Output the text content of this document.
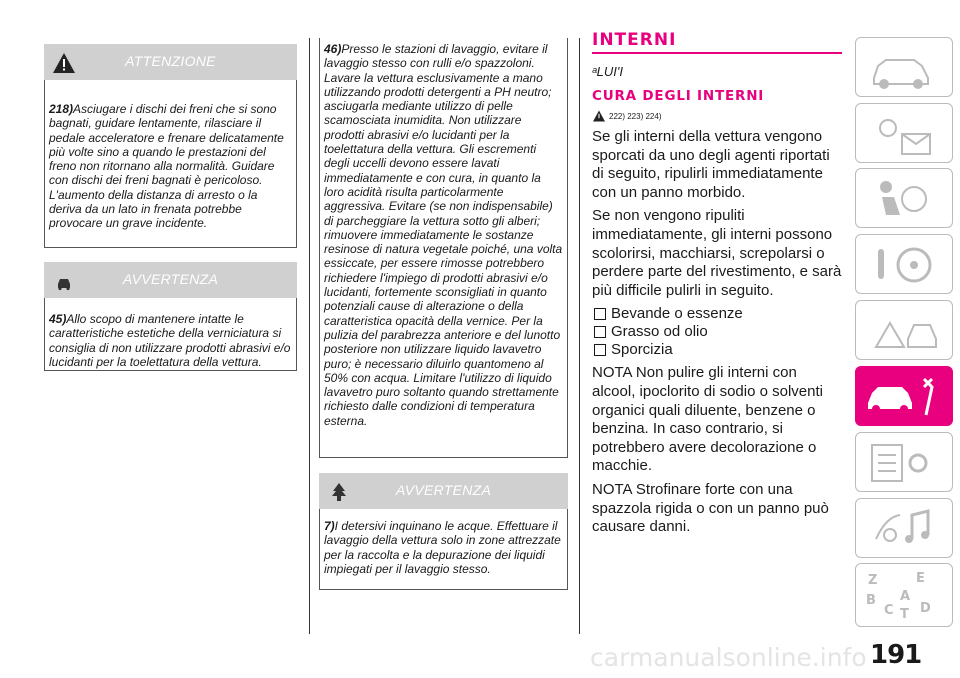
ATTENZIONE

218)Asciugare i dischi dei freni che si sono bagnati, guidare lentamente, rilasciare il pedale acceleratore e frenare delicatamente più volte sino a quando le prestazioni del freno non ritornano alla normalità. Guidare con dischi dei freni bagnati è pericoloso. L'aumento della distanza di arresto o la deriva da un lato in frenata potrebbe provocare un grave incidente.

AVVERTENZA

45)Allo scopo di mantenere intatte le caratteristiche estetiche della verniciatura si consiglia di non utilizzare prodotti abrasivi e/o lucidanti per la toelettatura della vettura.

46)Presso le stazioni di lavaggio, evitare il lavaggio stesso con rulli e/o spazzoloni. Lavare la vettura esclusivamente a mano utilizzando prodotti detergenti a PH neutro; asciugarla mediante utilizzo di pelle scamosciata inumidita. Non utilizzare prodotti abrasivi e/o lucidanti per la toelettatura della vettura. Gli escrementi degli uccelli devono essere lavati immediatamente e con cura, in quanto la loro acidità risulta particolarmente aggressiva. Evitare (se non indispensabile) di parcheggiare la vettura sotto gli alberi; rimuovere immediatamente le sostanze resinose di natura vegetale poiché, una volta essiccate, per essere rimosse potrebbero richiedere l'impiego di prodotti abrasivi e/o lucidanti, fortemente sconsigliati in quanto potenziali cause di alterazione o della caratteristica opacità della vernice. Per la pulizia del parabrezza anteriore e del lunotto posteriore non utilizzare liquido lavavetro puro; è necessario diluirlo quantomeno al 50% con acqua. Limitare l'utilizzo di liquido lavavetro puro soltanto quando strettamente richiesto dalle condizioni di temperatura esterna.

AVVERTENZA

7)I detersivi inquinano le acque. Effettuare il lavaggio della vettura solo in zone attrezzate per la raccolta e la depurazione dei liquidi impiegati per il lavaggio stesso.

INTERNI
ᵃLUI'I
CURA DEGLI INTERNI
222) 223) 224)

Se gli interni della vettura vengono sporcati da uno degli agenti riportati di seguito, ripulirli immediatamente con un panno morbido.

Se non vengono ripuliti immediatamente, gli interni possono scolorirsi, macchiarsi, screpolarsi o perdere parte del rivestimento, e sarà più difficile pulirli in seguito.

Bevande o essenze
Grasso od olio
Sporcizia

NOTA Non pulire gli interni con alcool, ipoclorito di sodio o solventi organici quali diluente, benzene o benzina. In caso contrario, si potrebbero avere decolorazione o macchie.

NOTA Strofinare forte con una spazzola rigida o con un panno può causare danni.

Z	E
B A
C T D
carmanualsonline.info 191
